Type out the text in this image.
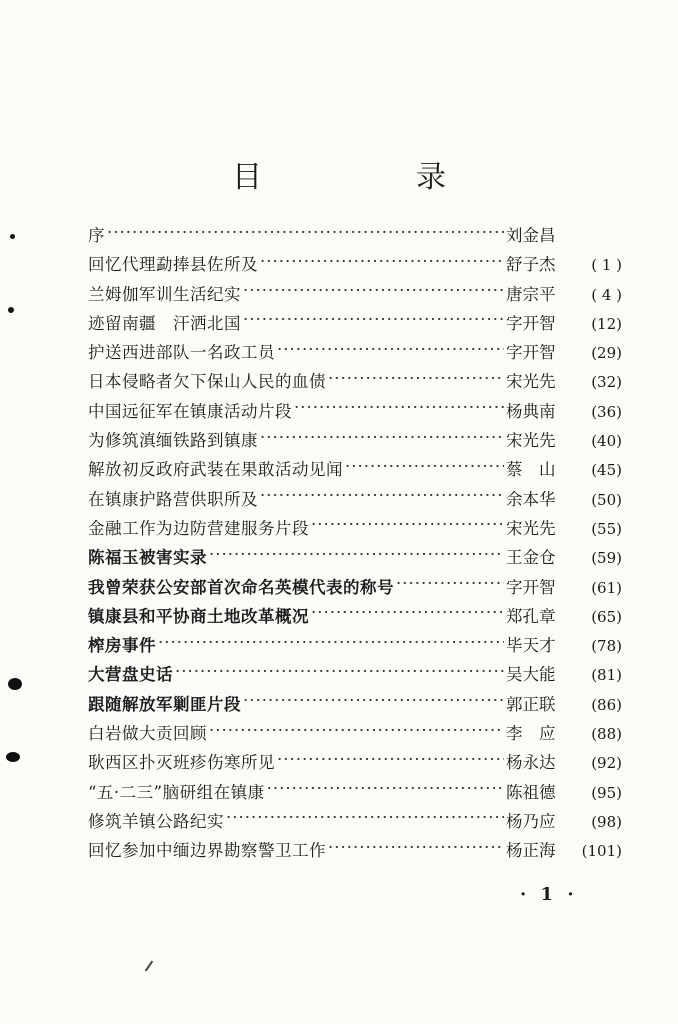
目　录
序 ·····	刘金昌
回忆代理勐捧县佐所及 ·····	舒子杰	( 1 )
兰姆伽军训生活纪实 ·····	唐宗平	( 4 )
迹留南疆　汗洒北国 ·····	字开智	(12)
护送西进部队一名政工员 ·····	字开智	(29)
日本侵略者欠下保山人民的血债 ·····	宋光先	(32)
中国远征军在镇康活动片段 ·····	杨典南	(36)
为修筑滇缅铁路到镇康 ·····	宋光先	(40)
解放初反政府武装在果敢活动见闻 ·····	蔡　山	(45)
在镇康护路营供职所及 ·····	余本华	(50)
金融工作为边防营建服务片段 ·····	宋光先	(55)
陈福玉被害实录 ·····	王金仓	(59)
我曾荣获公安部首次命名英模代表的称号 ·····	字开智	(61)
镇康县和平协商土地改革概况 ·····	郑孔章	(65)
榨房事件 ·····	毕天才	(78)
大营盘史话 ·····	吴大能	(81)
跟随解放军剿匪片段 ·····	郭正联	(86)
白岩做大贡回顾 ·····	李　应	(88)
耿西区扑灭班疹伤寒所见 ·····	杨永达	(92)
“五·二三”脑研组在镇康 ·····	陈祖德	(95)
修筑羊镇公路纪实 ·····	杨乃应	(98)
回忆参加中缅边界勘察警卫工作 ·····	杨正海	(101)
· 1 ·
